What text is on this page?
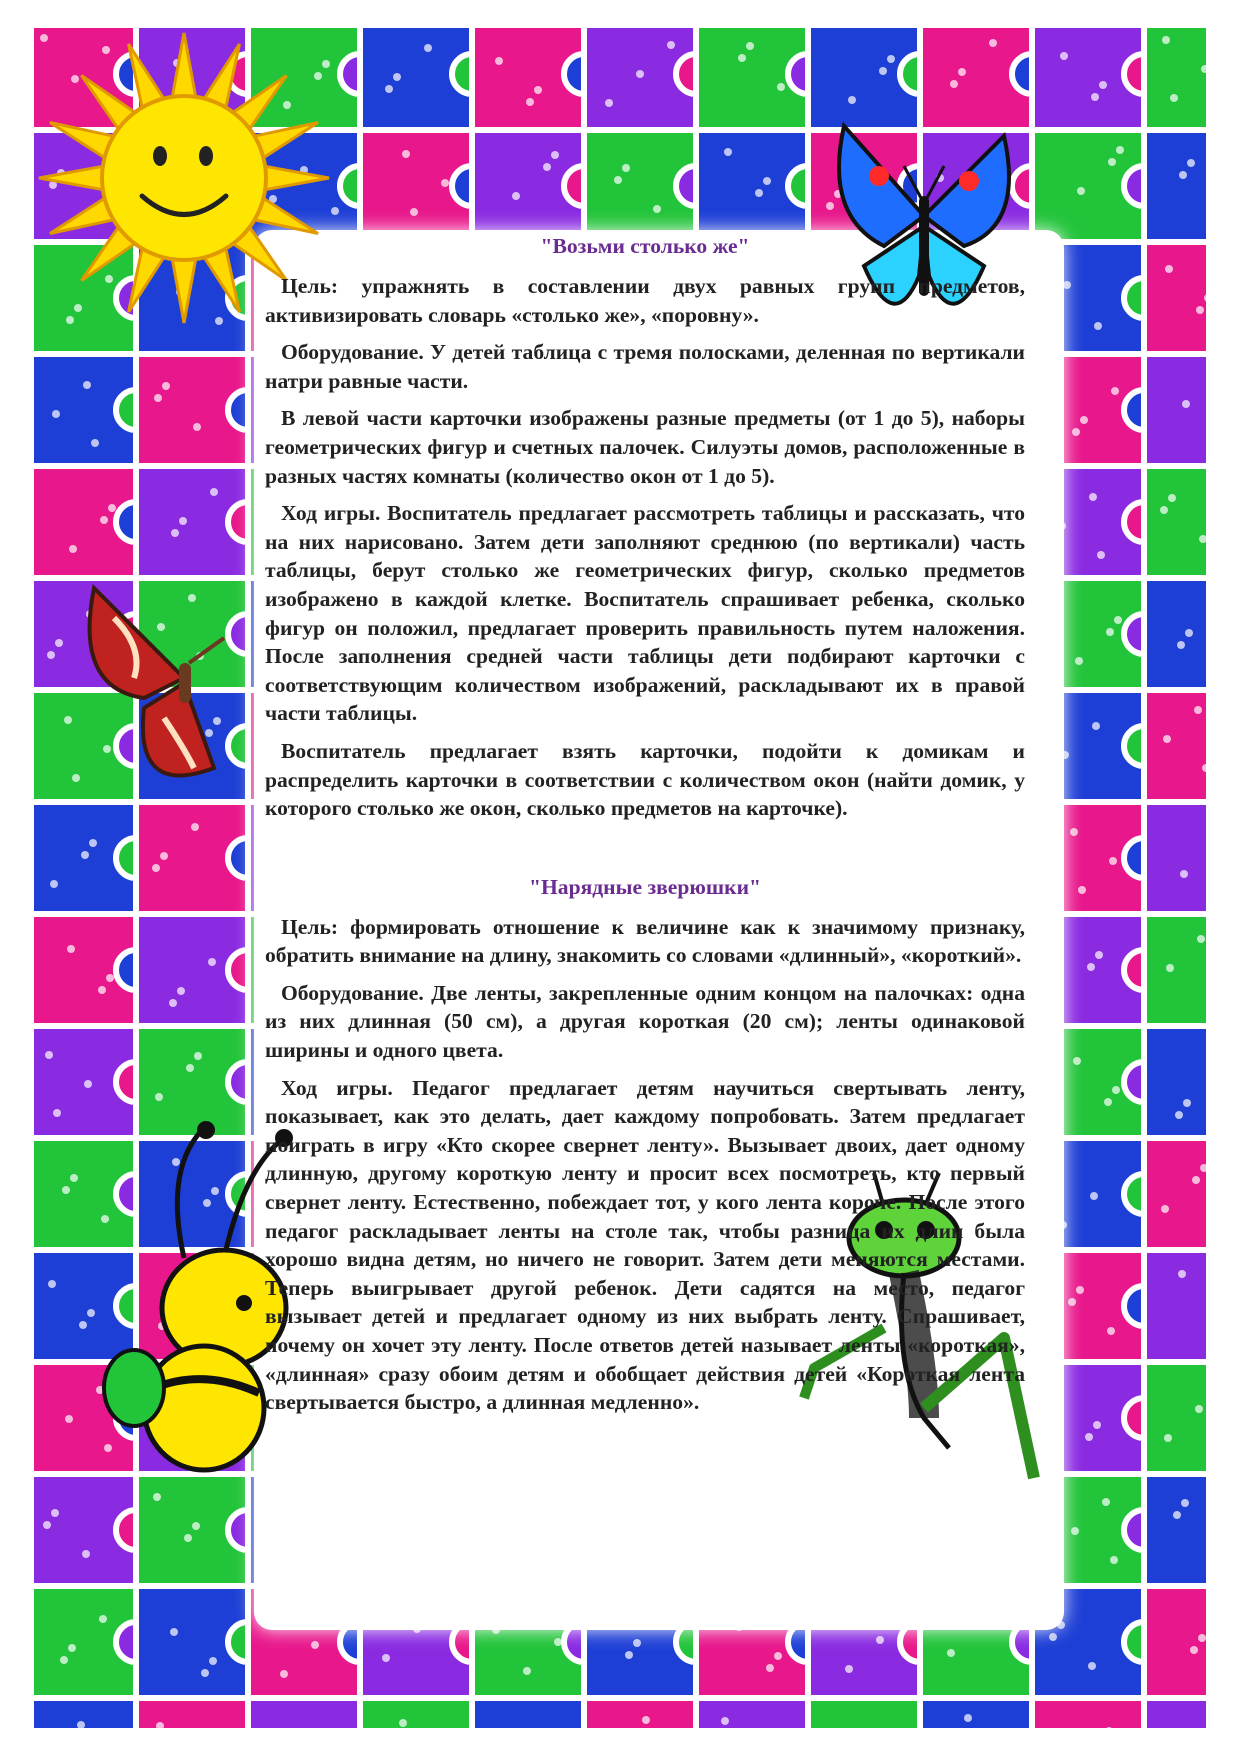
"Возьми столько же"

Цель: упражнять в составлении двух равных групп предметов, активизировать словарь «столько же», «поровну».

Оборудование. У детей таблица с тремя полосками, деленная по вертикали натри равные части.

В левой части карточки изображены разные предметы (от 1 до 5), наборы геометрических фигур и счетных палочек. Силуэты домов, расположенные в разных частях комнаты (количество окон от 1 до 5).

Ход игры. Воспитатель предлагает рассмотреть таблицы и рассказать, что на них нарисовано. Затем дети заполняют среднюю (по вертикали) часть таблицы, берут столько же геометрических фигур, сколько предметов изображено в каждой клетке. Воспитатель спрашивает ребенка, сколько фигур он положил, предлагает проверить правильность путем наложения. После заполнения средней части таблицы дети подбирают карточки с соответствующим количеством изображений, раскладывают их в правой части таблицы.

Воспитатель предлагает взять карточки, подойти к домикам и распределить карточки в соответствии с количеством окон (найти домик, у которого столько же окон, сколько предметов на карточке).

"Нарядные зверюшки"

Цель: формировать отношение к величине как к значимому признаку, обратить внимание на длину, знакомить со словами «длинный», «короткий».

Оборудование. Две ленты, закрепленные одним концом на палочках: одна из них длинная (50 см), а другая короткая (20 см); ленты одинаковой ширины и одного цвета.

Ход игры. Педагог предлагает детям научиться свертывать ленту, показывает, как это делать, дает каждому попробовать. Затем предлагает поиграть в игру «Кто скорее свернет ленту». Вызывает двоих, дает одному длинную, другому короткую ленту и просит всех посмотреть, кто первый свернет ленту. Естественно, побеждает тот, у кого лента короче. После этого педагог раскладывает ленты на столе так, чтобы разница их длин была хорошо видна детям, но ничего не говорит. Затем дети меняются местами. Теперь выигрывает другой ребенок. Дети садятся на место, педагог вызывает детей и предлагает одному из них выбрать ленту. Спрашивает, почему он хочет эту ленту. После ответов детей называет ленты «короткая», «длинная» сразу обоим детям и обобщает действия детей «Короткая лента свертывается быстро, а длинная медленно».
